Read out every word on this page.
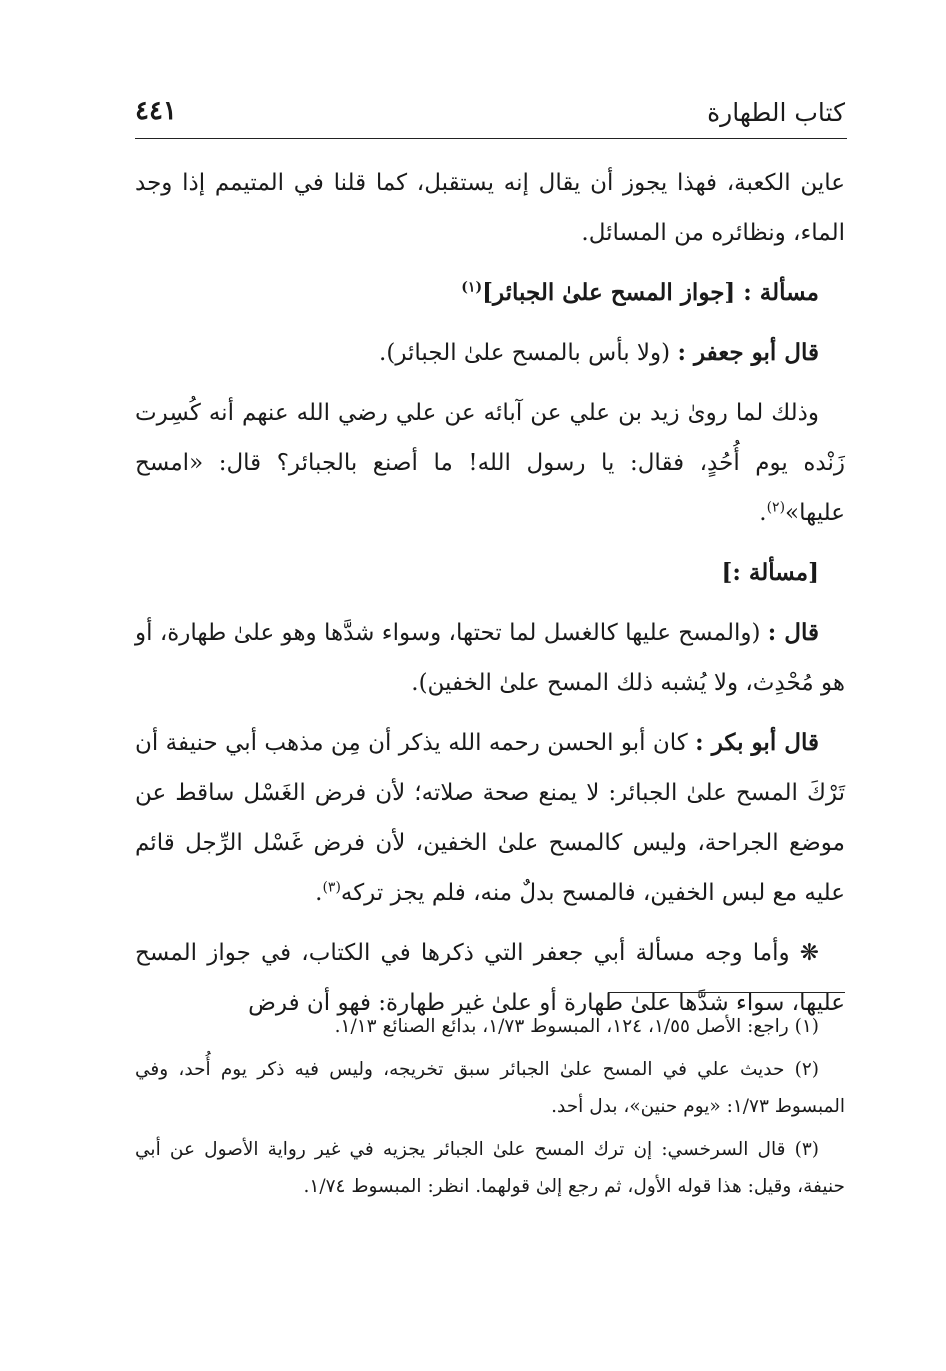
كتاب الطهارة
٤٤١

عاين الكعبة، فهذا يجوز أن يقال إنه يستقبل، كما قلنا في المتيمم إذا وجد الماء، ونظائره من المسائل.

مسألة : [جواز المسح علىٰ الجبائر]$^{(١)}$

قال أبو جعفر : (ولا بأس بالمسح علىٰ الجبائر).

وذلك لما روىٰ زيد بن علي عن آبائه عن علي رضي الله عنهم أنه كُسِرت زَنْده يوم أُحُدٍ، فقال: يا رسول الله! ما أصنع بالجبائر؟ قال: «امسح عليها»$^{(٢)}$.

[مسألة :]

قال : (والمسح عليها كالغسل لما تحتها، وسواء شدَّها وهو علىٰ طهارة، أو هو مُحْدِث، ولا يُشبه ذلك المسح علىٰ الخفين).

قال أبو بكر : كان أبو الحسن رحمه الله يذكر أن مِن مذهب أبي حنيفة أن تَرْكَ المسح علىٰ الجبائر: لا يمنع صحة صلاته؛ لأن فرض الغَسْل ساقط عن موضع الجراحة، وليس كالمسح علىٰ الخفين، لأن فرض غَسْل الرِّجل قائم عليه مع لبس الخفين، فالمسح بدلٌ منه، فلم يجز تركه$^{(٣)}$.

❋ وأما وجه مسألة أبي جعفر التي ذكرها في الكتاب، في جواز المسح عليها، سواء شدَّها علىٰ طهارة أو علىٰ غير طهارة: فهو أن فرض

(١) راجع: الأصل ١/٥٥، ١٢٤، المبسوط ١/٧٣، بدائع الصنائع ١/١٣.

(٢) حديث علي في المسح علىٰ الجبائر سبق تخريجه، وليس فيه ذكر يوم أُحد، وفي المبسوط ١/٧٣: «يوم حنين»، بدل أحد.

(٣) قال السرخسي: إن ترك المسح علىٰ الجبائر يجزيه في غير رواية الأصول عن أبي حنيفة، وقيل: هذا قوله الأول، ثم رجع إلىٰ قولهما. انظر: المبسوط ١/٧٤.
